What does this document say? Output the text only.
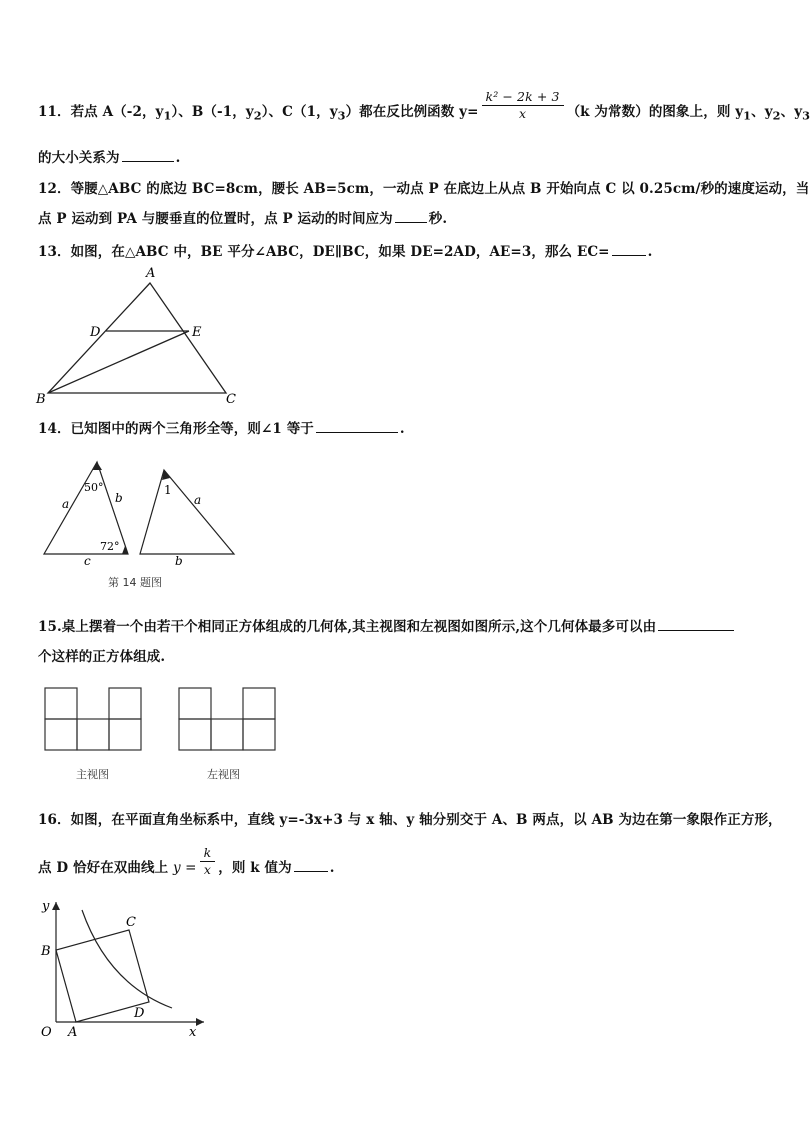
11．若点 A（-2，$y_1$）、B（-1，$y_2$）、C（1，$y_3$）都在反比例函数 $y= \frac{\text{k² − 2k + 3}}{x} (k$ 为常数）的图象上，则 $y_1$、$y_2$、$y_3$
的大小关系为	.
12．等腰△ABC 的底边 BC=8cm，腰长 AB=5cm，一动点 P 在底边上从点 B 开始向点 C 以 0.25cm/秒的速度运动，当
点 P 运动到 PA 与腰垂直的位置时，点 P 运动的时间应为	秒.
13．如图，在△ABC 中，BE 平分∠ABC，DE∥BC，如果 DE=2AD，AE=3，那么 EC=	.
A
D	E
B	C
14．已知图中的两个三角形全等，则∠1 等于	.
50°
a	b
72°
c
1
a
b
第 14 题图
15.桌上摆着一个由若干个相同正方体组成的几何体,其主视图和左视图如图所示,这个几何体最多可以由
个这样的正方体组成.
主视图	左视图
16．如图，在平面直角坐标系中，直线 y=-3x+3 与 x 轴、y 轴分别交于 A、B 两点，以 AB 为边在第一象限作正方形，
点 D 恰好在双曲线上 $y = \frac{k}{x}$ ，则 k 值为	.
y
B
C
D
O A	x
